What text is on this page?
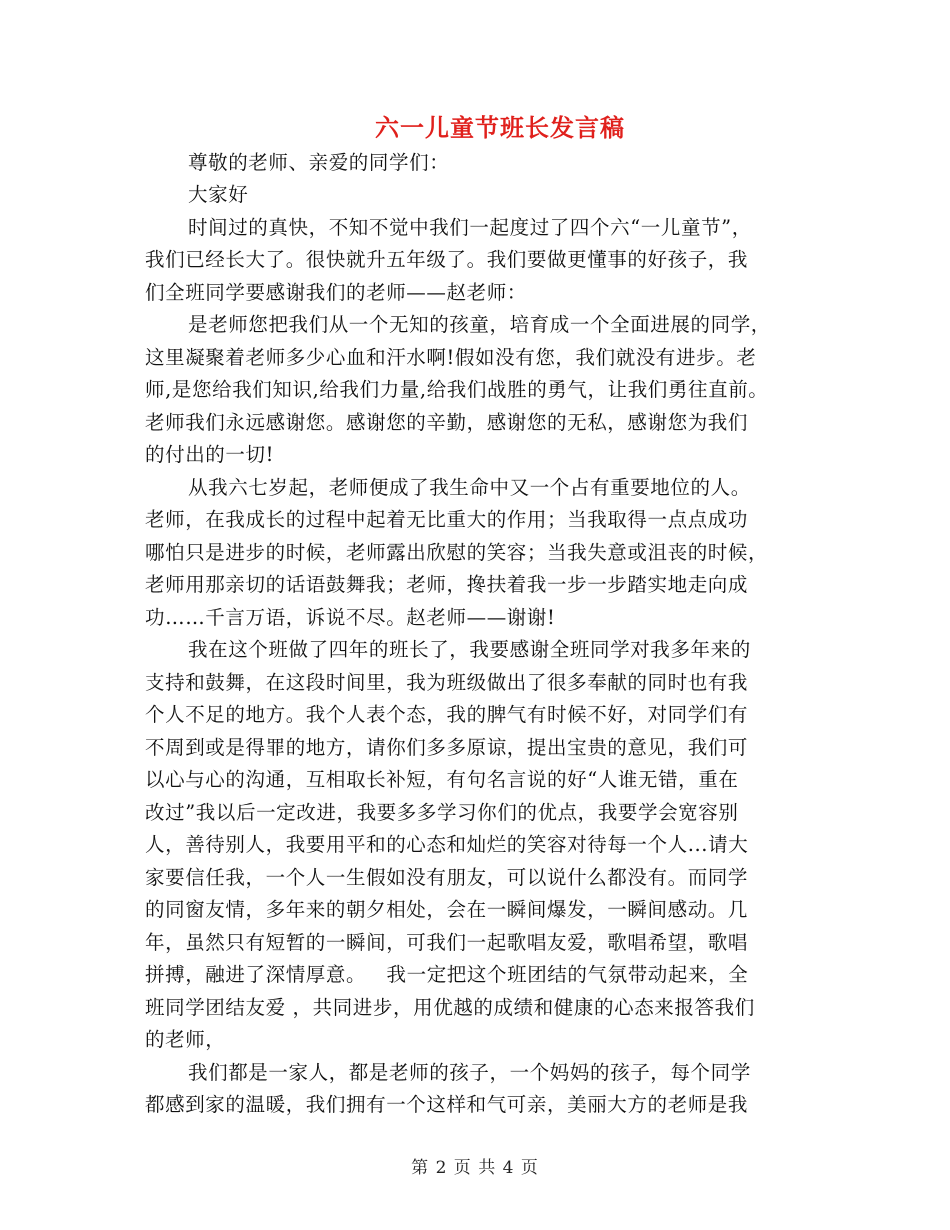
六一儿童节班长发言稿
尊敬的老师、亲爱的同学们：
大家好
时间过的真快，不知不觉中我们一起度过了四个六“一儿童节”，
我们已经长大了。很快就升五年级了。我们要做更懂事的好孩子，我
们全班同学要感谢我们的老师——赵老师：
是老师您把我们从一个无知的孩童，培育成一个全面进展的同学，
这里凝聚着老师多少心血和汗水啊!假如没有您，我们就没有进步。老
师,是您给我们知识,给我们力量,给我们战胜的勇气，让我们勇往直前。
老师我们永远感谢您。感谢您的辛勤，感谢您的无私，感谢您为我们
的付出的一切!
从我六七岁起，老师便成了我生命中又一个占有重要地位的人。
老师，在我成长的过程中起着无比重大的作用；当我取得一点点成功
哪怕只是进步的时候，老师露出欣慰的笑容；当我失意或沮丧的时候，
老师用那亲切的话语鼓舞我；老师，搀扶着我一步一步踏实地走向成
功……千言万语，诉说不尽。赵老师——谢谢!
我在这个班做了四年的班长了，我要感谢全班同学对我多年来的
支持和鼓舞，在这段时间里，我为班级做出了很多奉献的同时也有我
个人不足的地方。我个人表个态，我的脾气有时候不好，对同学们有
不周到或是得罪的地方，请你们多多原谅，提出宝贵的意见，我们可
以心与心的沟通，互相取长补短，有句名言说的好“人谁无错，重在
改过”我以后一定改进，我要多多学习你们的优点，我要学会宽容别
人，善待别人，我要用平和的心态和灿烂的笑容对待每一个人...请大
家要信任我，一个人一生假如没有朋友，可以说什么都没有。而同学
的同窗友情，多年来的朝夕相处，会在一瞬间爆发，一瞬间感动。几
年，虽然只有短暂的一瞬间，可我们一起歌唱友爱，歌唱希望，歌唱
拼搏，融进了深情厚意。   我一定把这个班团结的气氛带动起来，全
班同学团结友爱 ，共同进步，用优越的成绩和健康的心态来报答我们
的老师，
我们都是一家人，都是老师的孩子，一个妈妈的孩子，每个同学
都感到家的温暖，我们拥有一个这样和气可亲，美丽大方的老师是我
第 2 页 共 4 页
